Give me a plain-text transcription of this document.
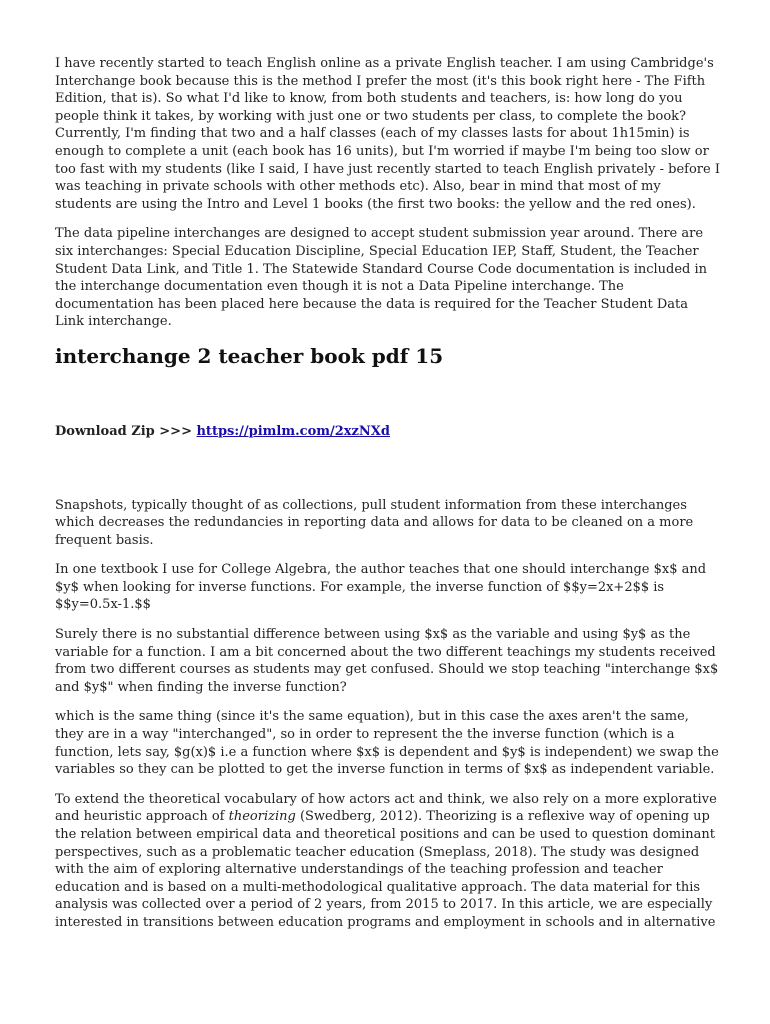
I have recently started to teach English online as a private English teacher. I am using Cambridge's Interchange book because this is the method I prefer the most (it's this book right here - The Fifth Edition, that is). So what I'd like to know, from both students and teachers, is: how long do you people think it takes, by working with just one or two students per class, to complete the book? Currently, I'm finding that two and a half classes (each of my classes lasts for about 1h15min) is enough to complete a unit (each book has 16 units), but I'm worried if maybe I'm being too slow or too fast with my students (like I said, I have just recently started to teach English privately - before I was teaching in private schools with other methods etc). Also, bear in mind that most of my students are using the Intro and Level 1 books (the first two books: the yellow and the red ones).

The data pipeline interchanges are designed to accept student submission year around. There are six interchanges: Special Education Discipline, Special Education IEP, Staff, Student, the Teacher Student Data Link, and Title 1. The Statewide Standard Course Code documentation is included in the interchange documentation even though it is not a Data Pipeline interchange. The documentation has been placed here because the data is required for the Teacher Student Data Link interchange.

interchange 2 teacher book pdf 15
Download Zip >>> https://pimlm.com/2xzNXd

Snapshots, typically thought of as collections, pull student information from these interchanges which decreases the redundancies in reporting data and allows for data to be cleaned on a more frequent basis.

In one textbook I use for College Algebra, the author teaches that one should interchange $x$ and $y$ when looking for inverse functions. For example, the inverse function of $$y=2x+2$$ is $$y=0.5x-1.$$

Surely there is no substantial difference between using $x$ as the variable and using $y$ as the variable for a function. I am a bit concerned about the two different teachings my students received from two different courses as students may get confused. Should we stop teaching "interchange $x$ and $y$" when finding the inverse function?

which is the same thing (since it's the same equation), but in this case the axes aren't the same, they are in a way "interchanged", so in order to represent the the inverse function (which is a function, lets say, $g(x)$ i.e a function where $x$ is dependent and $y$ is independent) we swap the variables so they can be plotted to get the inverse function in terms of $x$ as independent variable.

To extend the theoretical vocabulary of how actors act and think, we also rely on a more explorative and heuristic approach of theorizing (Swedberg, 2012). Theorizing is a reflexive way of opening up the relation between empirical data and theoretical positions and can be used to question dominant perspectives, such as a problematic teacher education (Smeplass, 2018). The study was designed with the aim of exploring alternative understandings of the teaching profession and teacher education and is based on a multi-methodological qualitative approach. The data material for this analysis was collected over a period of 2 years, from 2015 to 2017. In this article, we are especially interested in transitions between education programs and employment in schools and in alternative
